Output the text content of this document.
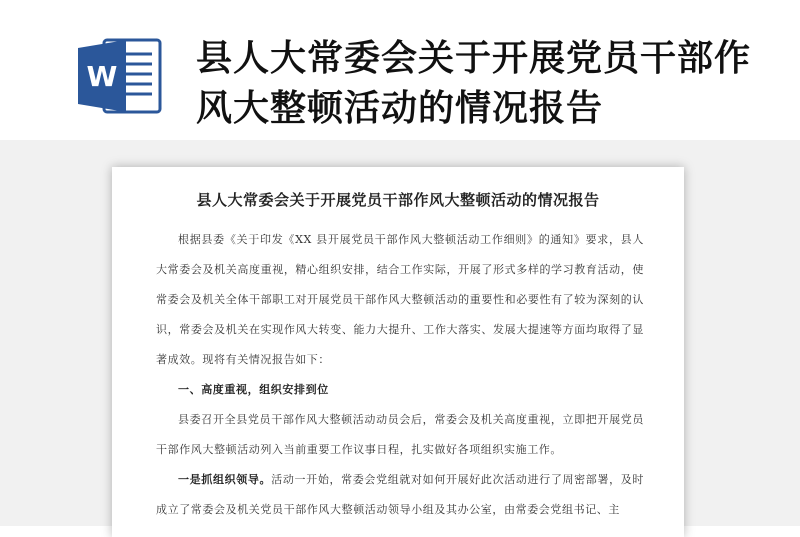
W 县人大常委会关于开展党员干部作风大整顿活动的情况报告
县人大常委会关于开展党员干部作风大整顿活动的情况报告

根据县委《关于印发《XX 县开展党员干部作风大整顿活动工作细则》的通知》要求，县人大常委会及机关高度重视，精心组织安排，结合工作实际，开展了形式多样的学习教育活动，使常委会及机关全体干部职工对开展党员干部作风大整顿活动的重要性和必要性有了较为深刻的认识，常委会及机关在实现作风大转变、能力大提升、工作大落实、发展大提速等方面均取得了显著成效。现将有关情况报告如下：

一、高度重视，组织安排到位

县委召开全县党员干部作风大整顿活动动员会后，常委会及机关高度重视，立即把开展党员干部作风大整顿活动列入当前重要工作议事日程，扎实做好各项组织实施工作。

一是抓组织领导。活动一开始，常委会党组就对如何开展好此次活动进行了周密部署，及时成立了常委会及机关党员干部作风大整顿活动领导小组及其办公室，由常委会党组书记、主
